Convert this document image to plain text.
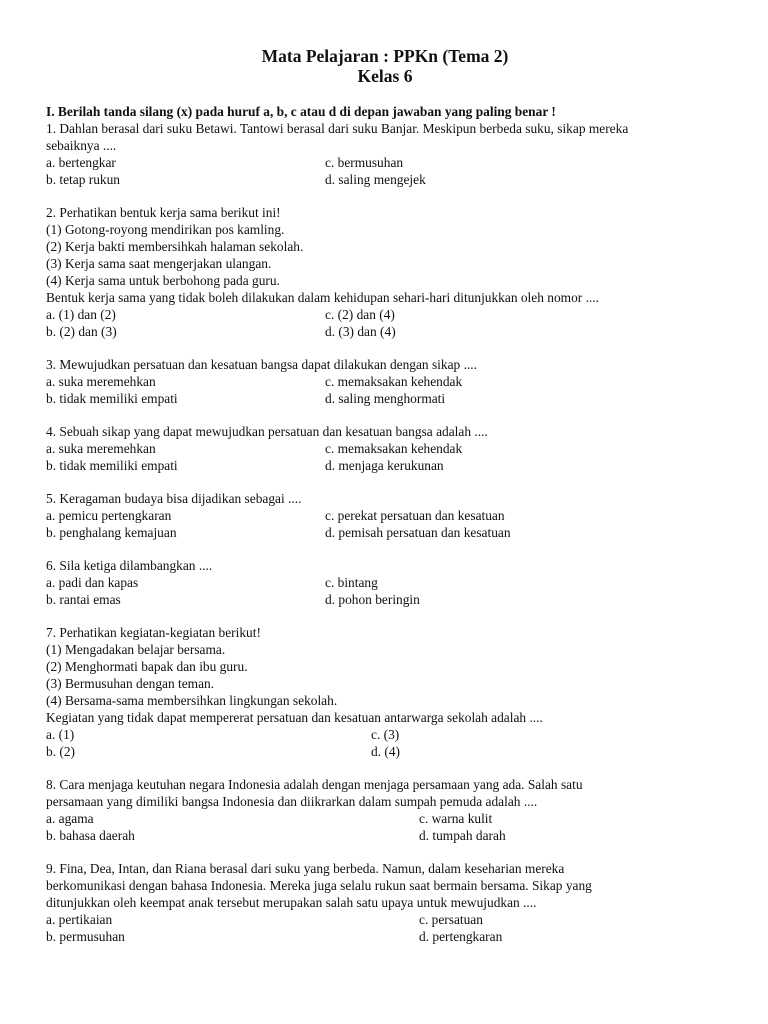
Mata Pelajaran : PPKn (Tema 2)
Kelas 6
I. Berilah tanda silang (x) pada huruf a, b, c atau d di depan jawaban yang paling benar !
1. Dahlan berasal dari suku Betawi. Tantowi berasal dari suku Banjar. Meskipun berbeda suku, sikap mereka
sebaiknya ....
a. bertengkar	c. bermusuhan
b. tetap rukun	d. saling mengejek
2. Perhatikan bentuk kerja sama berikut ini!
(1) Gotong-royong mendirikan pos kamling.
(2) Kerja bakti membersihkah halaman sekolah.
(3) Kerja sama saat mengerjakan ulangan.
(4) Kerja sama untuk berbohong pada guru.
Bentuk kerja sama yang tidak boleh dilakukan dalam kehidupan sehari-hari ditunjukkan oleh nomor ....
a. (1) dan (2)	c. (2) dan (4)
b. (2) dan (3)	d. (3) dan (4)
3. Mewujudkan persatuan dan kesatuan bangsa dapat dilakukan dengan sikap ....
a. suka meremehkan	c. memaksakan kehendak
b. tidak memiliki empati	d. saling menghormati
4. Sebuah sikap yang dapat mewujudkan persatuan dan kesatuan bangsa adalah ....
a. suka meremehkan	c. memaksakan kehendak
b. tidak memiliki empati	d. menjaga kerukunan
5. Keragaman budaya bisa dijadikan sebagai ....
a. pemicu pertengkaran	c. perekat persatuan dan kesatuan
b. penghalang kemajuan	d. pemisah persatuan dan kesatuan
6. Sila ketiga dilambangkan ....
a. padi dan kapas	c. bintang
b. rantai emas	d. pohon beringin
7. Perhatikan kegiatan-kegiatan berikut!
(1) Mengadakan belajar bersama.
(2) Menghormati bapak dan ibu guru.
(3) Bermusuhan dengan teman.
(4) Bersama-sama membersihkan lingkungan sekolah.
Kegiatan yang tidak dapat mempererat persatuan dan kesatuan antarwarga sekolah adalah ....
a. (1)	c. (3)
b. (2)	d. (4)
8. Cara menjaga keutuhan negara Indonesia adalah dengan menjaga persamaan yang ada. Salah satu
persamaan yang dimiliki bangsa Indonesia dan diikrarkan dalam sumpah pemuda adalah ....
a. agama	c. warna kulit
b. bahasa daerah	d. tumpah darah
9. Fina, Dea, Intan, dan Riana berasal dari suku yang berbeda. Namun, dalam keseharian mereka
berkomunikasi dengan bahasa Indonesia. Mereka juga selalu rukun saat bermain bersama. Sikap yang
ditunjukkan oleh keempat anak tersebut merupakan salah satu upaya untuk mewujudkan ....
a. pertikaian	c. persatuan
b. permusuhan	d. pertengkaran
